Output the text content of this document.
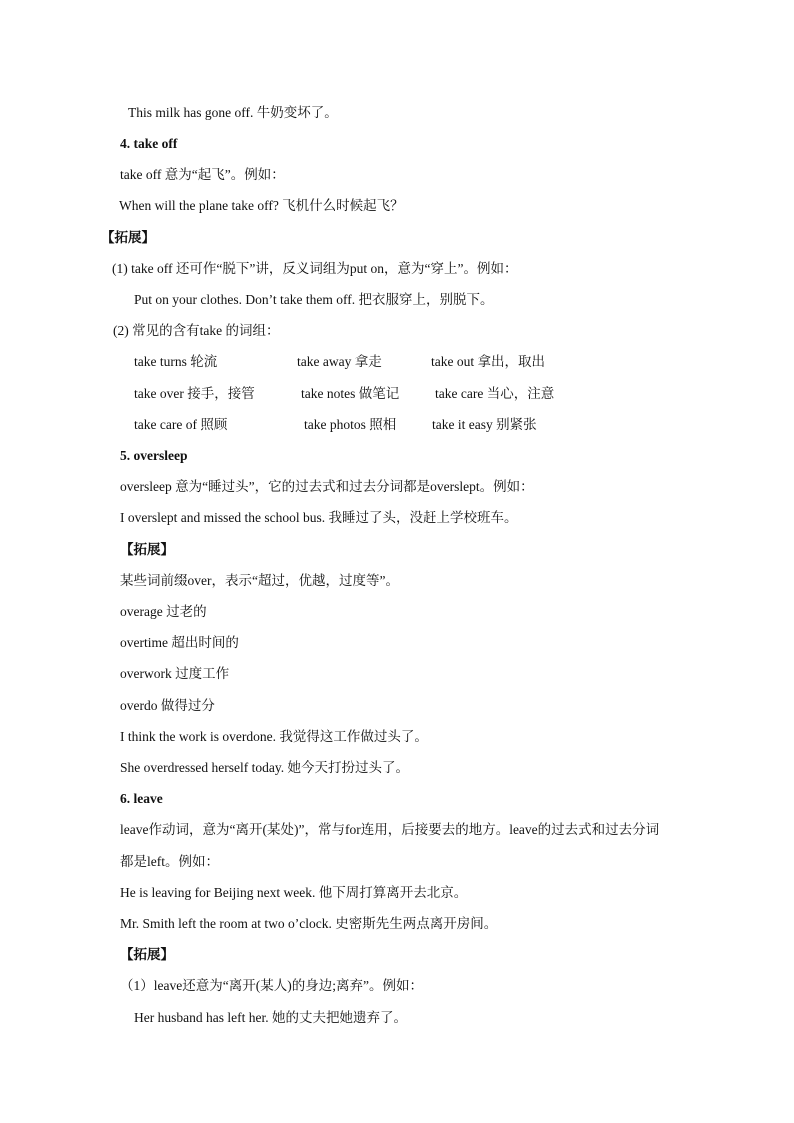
This milk has gone off. 牛奶变坏了。
4. take off
take off 意为“起飞”。例如：
When will the plane take off? 飞机什么时候起飞？
【拓展】
(1) take off 还可作“脱下”讲，反义词组为put on，意为“穿上”。例如：
Put on your clothes. Don’t take them off. 把衣服穿上，别脱下。
(2) 常见的含有take 的词组：
take turns 轮流	take away 拿走	take out 拿出，取出
take over 接手，接管	take notes 做笔记	take care 当心，注意
take care of 照顾	take photos 照相	take it easy 别紧张
5. oversleep
oversleep 意为“睡过头”，它的过去式和过去分词都是overslept。例如：
I overslept and missed the school bus. 我睡过了头，没赶上学校班车。
【拓展】
某些词前缀over，表示“超过，优越，过度等”。
overage 过老的
overtime 超出时间的
overwork 过度工作
overdo 做得过分
I think the work is overdone. 我觉得这工作做过头了。
She overdressed herself today. 她今天打扮过头了。
6. leave
leave作动词，意为“离开(某处)”，常与for连用，后接要去的地方。leave的过去式和过去分词
都是left。例如：
He is leaving for Beijing next week. 他下周打算离开去北京。
Mr. Smith left the room at two o’clock. 史密斯先生两点离开房间。
【拓展】
（1）leave还意为“离开(某人)的身边;离弃”。例如：
Her husband has left her. 她的丈夫把她遗弃了。
